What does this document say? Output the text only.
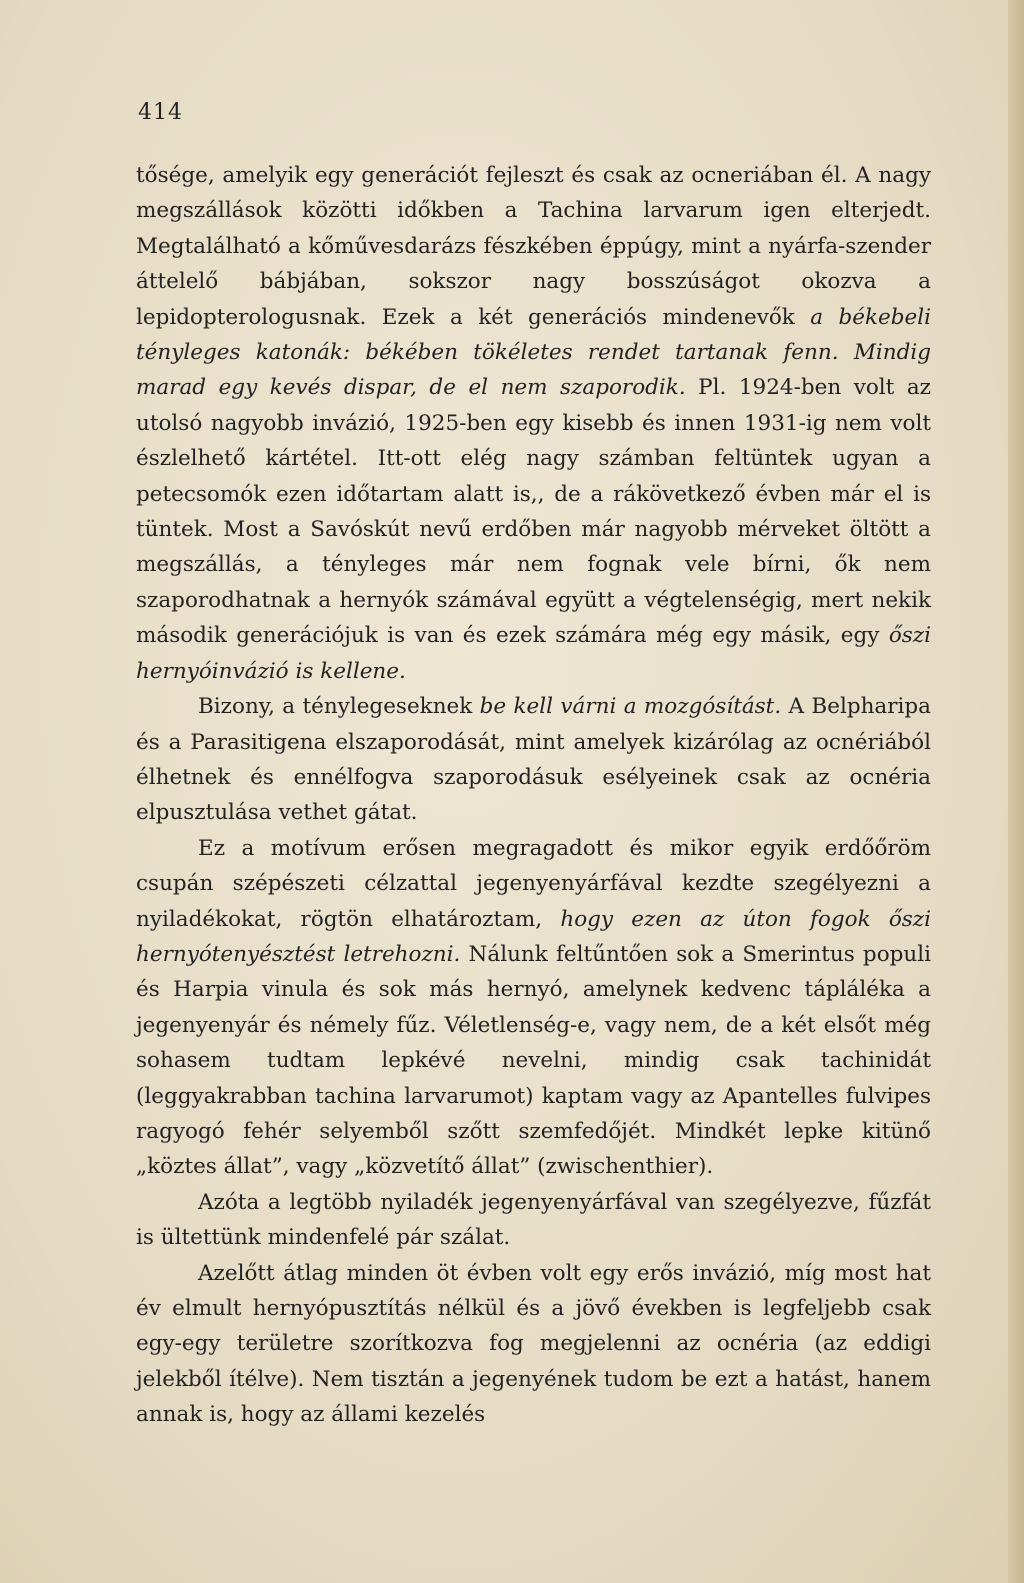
414

tősége, amelyik egy generációt fejleszt és csak az ocneriában él. A nagy megszállások közötti időkben a Tachina larvarum igen elterjedt. Megtalálható a kőművesdarázs fészkében éppúgy, mint a nyárfa-szender áttelelő bábjában, sokszor nagy bosszúságot okozva a lepidopterologusnak. Ezek a két generációs mindenevők a békebeli tényleges katonák: békében tökéletes rendet tartanak fenn. Mindig marad egy kevés dispar, de el nem szaporodik. Pl. 1924-ben volt az utolsó nagyobb invázió, 1925-ben egy kisebb és innen 1931-ig nem volt észlelhető kártétel. Itt-ott elég nagy számban feltüntek ugyan a petecsomók ezen időtartam alatt is,, de a rákövetkező évben már el is tüntek. Most a Savóskút nevű erdőben már nagyobb mérveket öltött a megszállás, a tényleges már nem fognak vele bírni, ők nem szaporodhatnak a hernyók számával együtt a végtelenségig, mert nekik második generációjuk is van és ezek számára még egy másik, egy őszi hernyóinvázió is kellene.

Bizony, a ténylegeseknek be kell várni a mozgósítást. A Belpharipa és a Parasitigena elszaporodását, mint amelyek kizárólag az ocnériából élhetnek és ennélfogva szaporodásuk esélyeinek csak az ocnéria elpusztulása vethet gátat.

Ez a motívum erősen megragadott és mikor egyik erdőőröm csupán szépészeti célzattal jegenyenyárfával kezdte szegélyezni a nyiladékokat, rögtön elhatároztam, hogy ezen az úton fogok őszi hernyótenyésztést letrehozni. Nálunk feltűntően sok a Smerintus populi és Harpia vinula és sok más hernyó, amelynek kedvenc tápláléka a jegenyenyár és némely fűz. Véletlenség-e, vagy nem, de a két elsőt még sohasem tudtam lepkévé nevelni, mindig csak tachinidát (leggyakrabban tachina larvarumot) kaptam vagy az Apantelles fulvipes ragyogó fehér selyemből szőtt szemfedőjét. Mindkét lepke kitünő „köztes állat”, vagy „közvetítő állat” (zwischenthier).

Azóta a legtöbb nyiladék jegenyenyárfával van szegélyezve, fűzfát is ültettünk mindenfelé pár szálat.

Azelőtt átlag minden öt évben volt egy erős invázió, míg most hat év elmult hernyópusztítás nélkül és a jövő években is legfeljebb csak egy-egy területre szorítkozva fog megjelenni az ocnéria (az eddigi jelekből ítélve). Nem tisztán a jegenyének tudom be ezt a hatást, hanem annak is, hogy az állami kezelés
